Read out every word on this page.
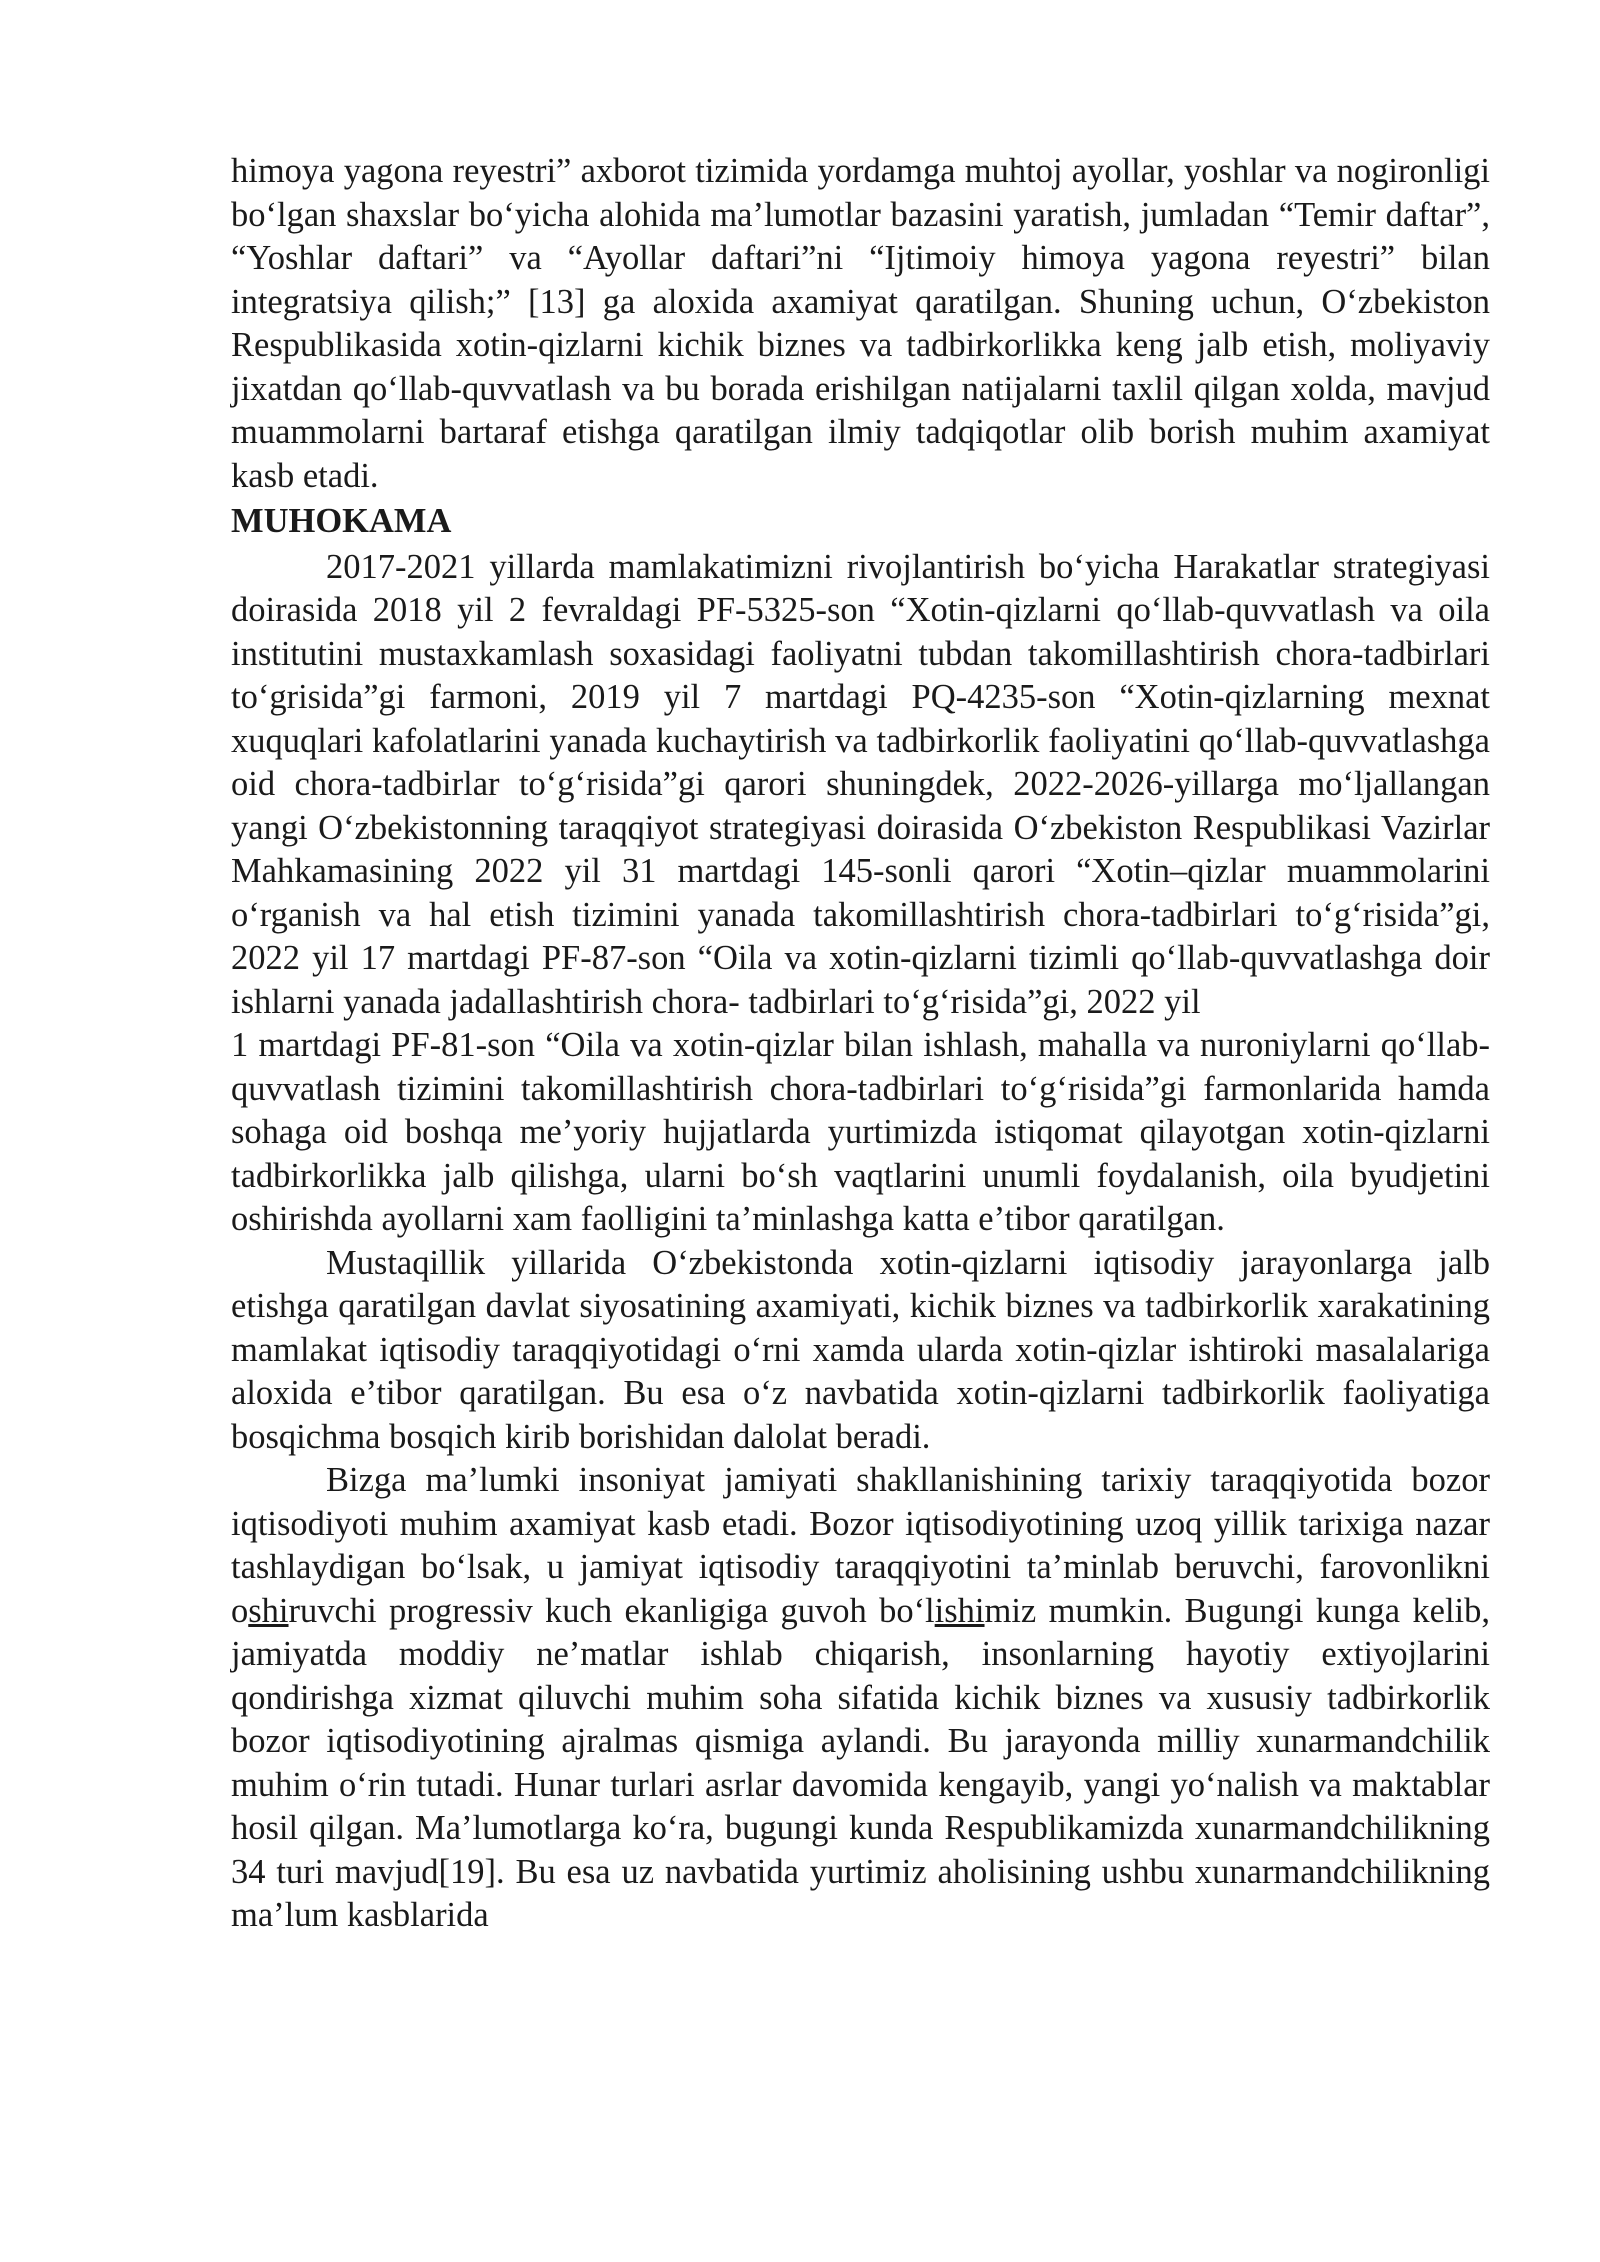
himoya yagona reyestri” axborot tizimida yordamga muhtoj ayollar, yoshlar va nogironligi bo‘lgan shaxslar bo‘yicha alohida ma’lumotlar bazasini yaratish, jumladan “Temir daftar”, “Yoshlar daftari” va “Ayollar daftari”ni “Ijtimoiy himoya yagona reyestri” bilan integratsiya qilish;” [13] ga aloxida axamiyat qaratilgan. Shuning uchun, O‘zbekiston Respublikasida xotin-qizlarni kichik biznes va tadbirkorlikka keng jalb etish, moliyaviy jixatdan qo‘llab-quvvatlash va bu borada erishilgan natijalarni taxlil qilgan xolda, mavjud muammolarni bartaraf etishga qaratilgan ilmiy tadqiqotlar olib borish muhim axamiyat kasb etadi.

MUHOKAMA

2017-2021 yillarda mamlakatimizni rivojlantirish bo‘yicha Harakatlar strategiyasi doirasida 2018 yil 2 fevraldagi PF-5325-son “Xotin-qizlarni qo‘llab-quvvatlash va oila institutini mustaxkamlash soxasidagi faoliyatni tubdan takomillashtirish chora-tadbirlari to‘grisida”gi farmoni, 2019 yil 7 martdagi PQ-4235-son “Xotin-qizlarning mexnat xuquqlari kafolatlarini yanada kuchaytirish va tadbirkorlik faoliyatini qo‘llab-quvvatlashga oid chora-tadbirlar to‘g‘risida”gi qarori shuningdek, 2022-2026-yillarga mo‘ljallangan yangi O‘zbekistonning taraqqiyot strategiyasi doirasida O‘zbekiston Respublikasi Vazirlar Mahkamasining 2022 yil 31 martdagi 145-sonli qarori “Xotin–qizlar muammolarini o‘rganish va hal etish tizimini yanada takomillashtirish chora-tadbirlari to‘g‘risida”gi, 2022 yil 17 martdagi PF-87-son “Oila va xotin-qizlarni tizimli qo‘llab-quvvatlashga doir ishlarni yanada jadallashtirish chora- tadbirlari to‘g‘risida”gi, 2022 yil

1 martdagi PF-81-son “Oila va xotin-qizlar bilan ishlash, mahalla va nuroniylarni qo‘llab-quvvatlash tizimini takomillashtirish chora-tadbirlari to‘g‘risida”gi farmonlarida hamda sohaga oid boshqa me’yoriy hujjatlarda yurtimizda istiqomat qilayotgan xotin-qizlarni tadbirkorlikka jalb qilishga, ularni bo‘sh vaqtlarini unumli foydalanish, oila byudjetini oshirishda ayollarni xam faolligini ta’minlashga katta e’tibor qaratilgan.

Mustaqillik yillarida O‘zbekistonda xotin-qizlarni iqtisodiy jarayonlarga jalb etishga qaratilgan davlat siyosatining axamiyati, kichik biznes va tadbirkorlik xarakatining mamlakat iqtisodiy taraqqiyotidagi o‘rni xamda ularda xotin-qizlar ishtiroki masalalariga aloxida e’tibor qaratilgan. Bu esa o‘z navbatida xotin-qizlarni tadbirkorlik faoliyatiga bosqichma bosqich kirib borishidan dalolat beradi.

Bizga ma’lumki insoniyat jamiyati shakllanishining tarixiy taraqqiyotida bozor iqtisodiyoti muhim axamiyat kasb etadi. Bozor iqtisodiyotining uzoq yillik tarixiga nazar tashlaydigan bo‘lsak, u jamiyat iqtisodiy taraqqiyotini ta’minlab beruvchi, farovonlikni oshiruvchi progressiv kuch ekanligiga guvoh bo‘lishimiz mumkin. Bugungi kunga kelib, jamiyatda moddiy ne’matlar ishlab chiqarish, insonlarning hayotiy extiyojlarini qondirishga xizmat qiluvchi muhim soha sifatida kichik biznes va xususiy tadbirkorlik bozor iqtisodiyotining ajralmas qismiga aylandi. Bu jarayonda milliy xunarmandchilik muhim o‘rin tutadi. Hunar turlari asrlar davomida kengayib, yangi yo‘nalish va maktablar hosil qilgan. Ma’lumotlarga ko‘ra, bugungi kunda Respublikamizda xunarmandchilikning 34 turi mavjud[19]. Bu esa uz navbatida yurtimiz aholisining ushbu xunarmandchilikning ma’lum kasblarida
